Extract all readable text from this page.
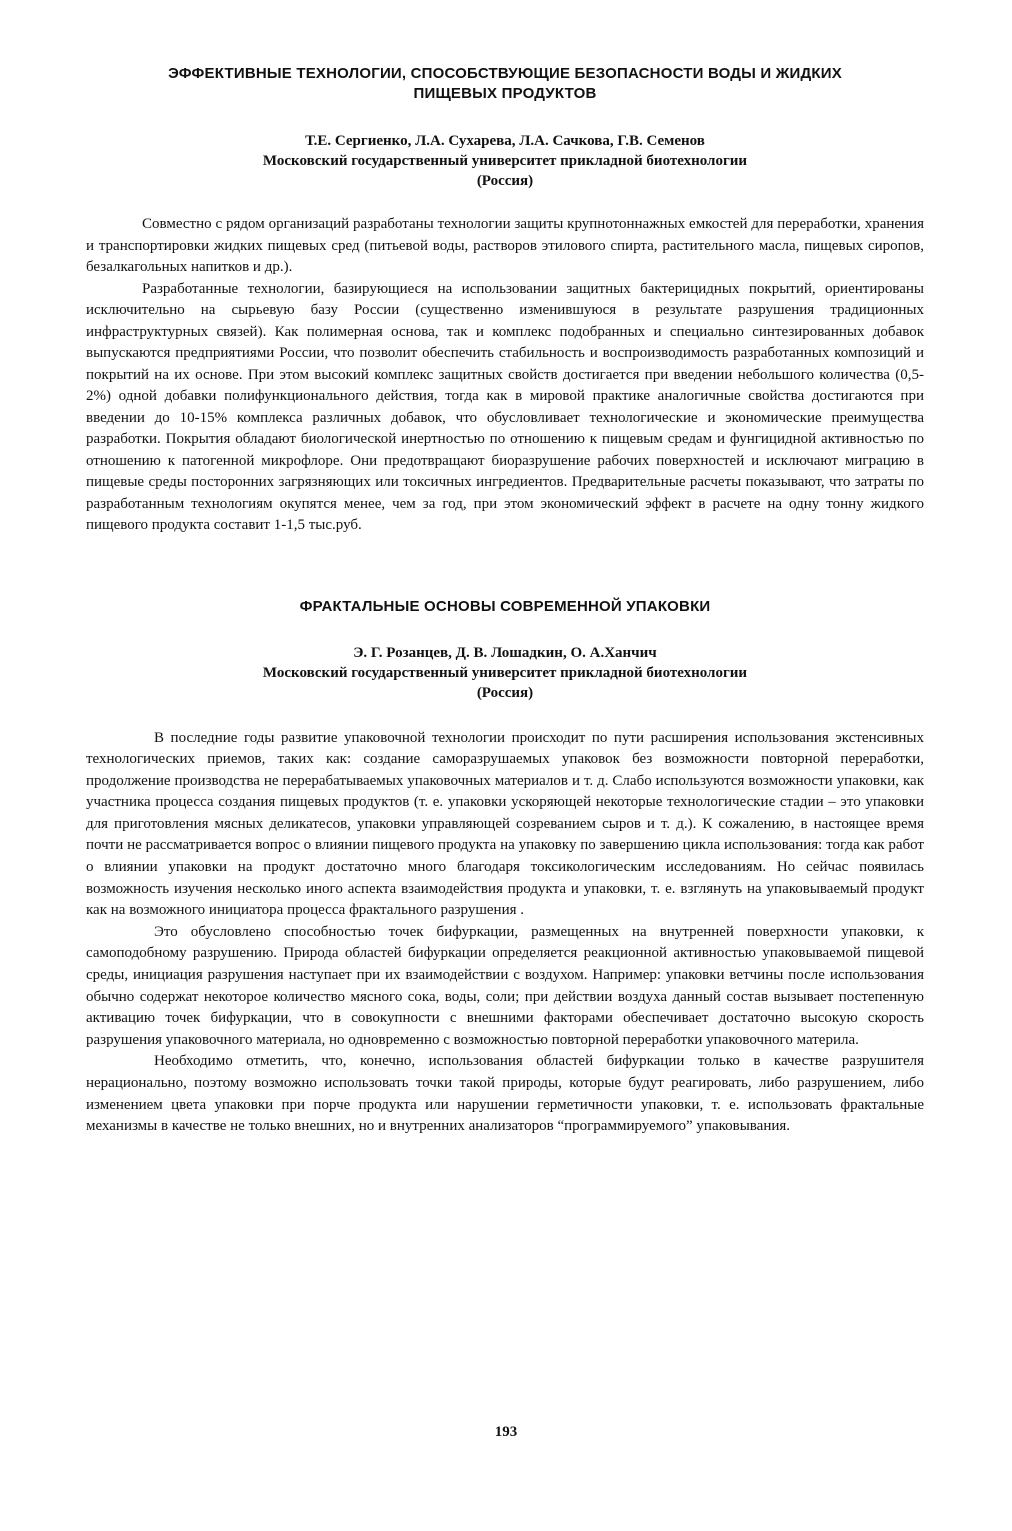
ЭФФЕКТИВНЫЕ ТЕХНОЛОГИИ, СПОСОБСТВУЮЩИЕ БЕЗОПАСНОСТИ ВОДЫ И ЖИДКИХ ПИЩЕВЫХ ПРОДУКТОВ
Т.Е. Сергиенко, Л.А. Сухарева, Л.А. Сачкова, Г.В. Семенов
Московский государственный университет прикладной биотехнологии
(Россия)

Совместно с рядом организаций разработаны технологии защиты крупнотоннажных емкостей для переработки, хранения и транспортировки жидких пищевых сред (питьевой воды, растворов этилового спирта, растительного масла, пищевых сиропов, безалкагольных напитков и др.).

Разработанные технологии, базирующиеся на использовании защитных бактерицидных покрытий, ориентированы исключительно на сырьевую базу России (существенно изменившуюся в результате разрушения традиционных инфраструктурных связей). Как полимерная основа, так и комплекс подобранных и специально синтезированных добавок выпускаются предприятиями России, что позволит обеспечить стабильность и воспроизводимость разработанных композиций и покрытий на их основе. При этом высокий комплекс защитных свойств достигается при введении небольшого количества (0,5-2%) одной добавки полифункционального действия, тогда как в мировой практике аналогичные свойства достигаются при введении до 10-15% комплекса различных добавок, что обусловливает технологические и экономические преимущества разработки. Покрытия обладают биологической инертностью по отношению к пищевым средам и фунгицидной активностью по отношению к патогенной микрофлоре. Они предотвращают биоразрушение рабочих поверхностей и исключают миграцию в пищевые среды посторонних загрязняющих или токсичных ингредиентов. Предварительные расчеты показывают, что затраты по разработанным технологиям окупятся менее, чем за год, при этом экономический эффект в расчете на одну тонну жидкого пищевого продукта составит 1-1,5 тыс.руб.

ФРАКТАЛЬНЫЕ ОСНОВЫ СОВРЕМЕННОЙ УПАКОВКИ
Э. Г. Розанцев, Д. В. Лошадкин, О. А.Ханчич
Московский государственный университет прикладной биотехнологии
(Россия)

В последние годы развитие упаковочной технологии происходит по пути расширения использования экстенсивных технологических приемов, таких как: создание саморазрушаемых упаковок без возможности повторной переработки, продолжение производства не перерабатываемых упаковочных материалов и т. д. Слабо используются возможности упаковки, как участника процесса создания пищевых продуктов (т. е. упаковки ускоряющей некоторые технологические стадии – это упаковки для приготовления мясных деликатесов, упаковки управляющей созреванием сыров и т. д.). К сожалению, в настоящее время почти не рассматривается вопрос о влиянии пищевого продукта на упаковку по завершению цикла использования: тогда как работ о влиянии упаковки на продукт достаточно много благодаря токсикологическим исследованиям. Но сейчас появилась возможность изучения несколько иного аспекта взаимодействия продукта и упаковки, т. е. взглянуть на упаковываемый продукт как на возможного инициатора процесса фрактального разрушения .

Это обусловлено способностью точек бифуркации, размещенных на внутренней поверхности упаковки, к самоподобному разрушению. Природа областей бифуркации определяется реакционной активностью упаковываемой пищевой среды, инициация разрушения наступает при их взаимодействии с воздухом. Например: упаковки ветчины после использования обычно содержат некоторое количество мясного сока, воды, соли; при действии воздуха данный состав вызывает постепенную активацию точек бифуркации, что в совокупности с внешними факторами обеспечивает достаточно высокую скорость разрушения упаковочного материала, но одновременно с возможностью повторной переработки упаковочного материла.

Необходимо отметить, что, конечно, использования областей бифуркации только в качестве разрушителя нерационально, поэтому возможно использовать точки такой природы, которые будут реагировать, либо разрушением, либо изменением цвета упаковки при порче продукта или нарушении герметичности упаковки, т. е. использовать фрактальные механизмы в качестве не только внешних, но и внутренних анализаторов “программируемого” упаковывания.

193
